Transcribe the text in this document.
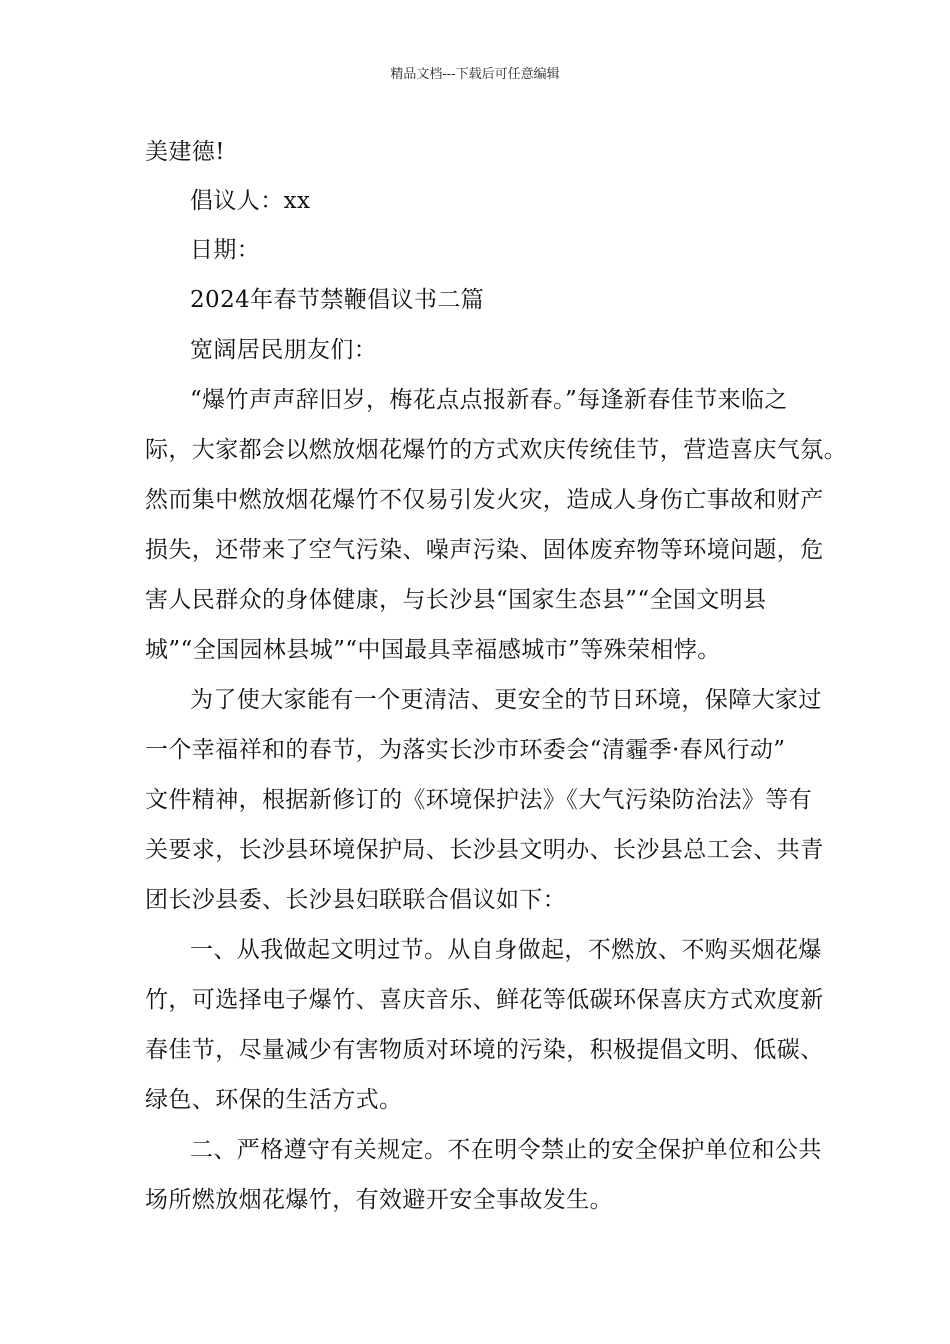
精品文档---下载后可任意编辑
美建德!
倡议人：xx
日期：
2024年春节禁鞭倡议书二篇
宽阔居民朋友们：
“爆竹声声辞旧岁，梅花点点报新春。”每逢新春佳节来临之
际，大家都会以燃放烟花爆竹的方式欢庆传统佳节，营造喜庆气氛。
然而集中燃放烟花爆竹不仅易引发火灾，造成人身伤亡事故和财产
损失，还带来了空气污染、噪声污染、固体废弃物等环境问题，危
害人民群众的身体健康，与长沙县“国家生态县”“全国文明县
城”“全国园林县城”“中国最具幸福感城市”等殊荣相悖。
为了使大家能有一个更清洁、更安全的节日环境，保障大家过
一个幸福祥和的春节，为落实长沙市环委会“清霾季·春风行动”
文件精神，根据新修订的《环境保护法》《大气污染防治法》等有
关要求，长沙县环境保护局、长沙县文明办、长沙县总工会、共青
团长沙县委、长沙县妇联联合倡议如下：
一、从我做起文明过节。从自身做起，不燃放、不购买烟花爆
竹，可选择电子爆竹、喜庆音乐、鲜花等低碳环保喜庆方式欢度新
春佳节，尽量减少有害物质对环境的污染，积极提倡文明、低碳、
绿色、环保的生活方式。
二、严格遵守有关规定。不在明令禁止的安全保护单位和公共
场所燃放烟花爆竹，有效避开安全事故发生。
